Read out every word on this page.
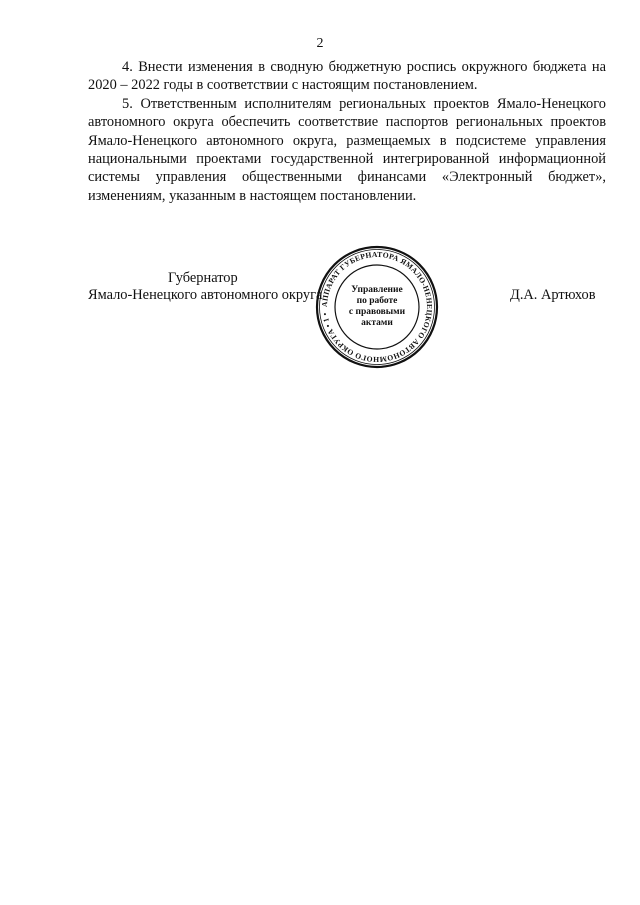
2

4. Внести изменения в сводную бюджетную роспись окружного бюджета на 2020 – 2022 годы в соответствии с настоящим постановлением.

5. Ответственным исполнителям региональных проектов Ямало-Ненецкого автономного округа обеспечить соответствие паспортов региональных проектов Ямало-Ненецкого автономного округа, размещаемых в подсистеме управления национальными проектами государственной интегрированной информационной системы управления общественными финансами «Электронный бюджет», изменениям, указанным в настоящем постановлении.

Губернатор
Ямало-Ненецкого автономного округа	Д.А. Артюхов
АППАРАТ ГУБЕРНАТОРА ЯМАЛО-НЕНЕЦКОГО АВТОНОМНОГО ОКРУГА • 1 •
Управление
по работе
с правовыми
актами
